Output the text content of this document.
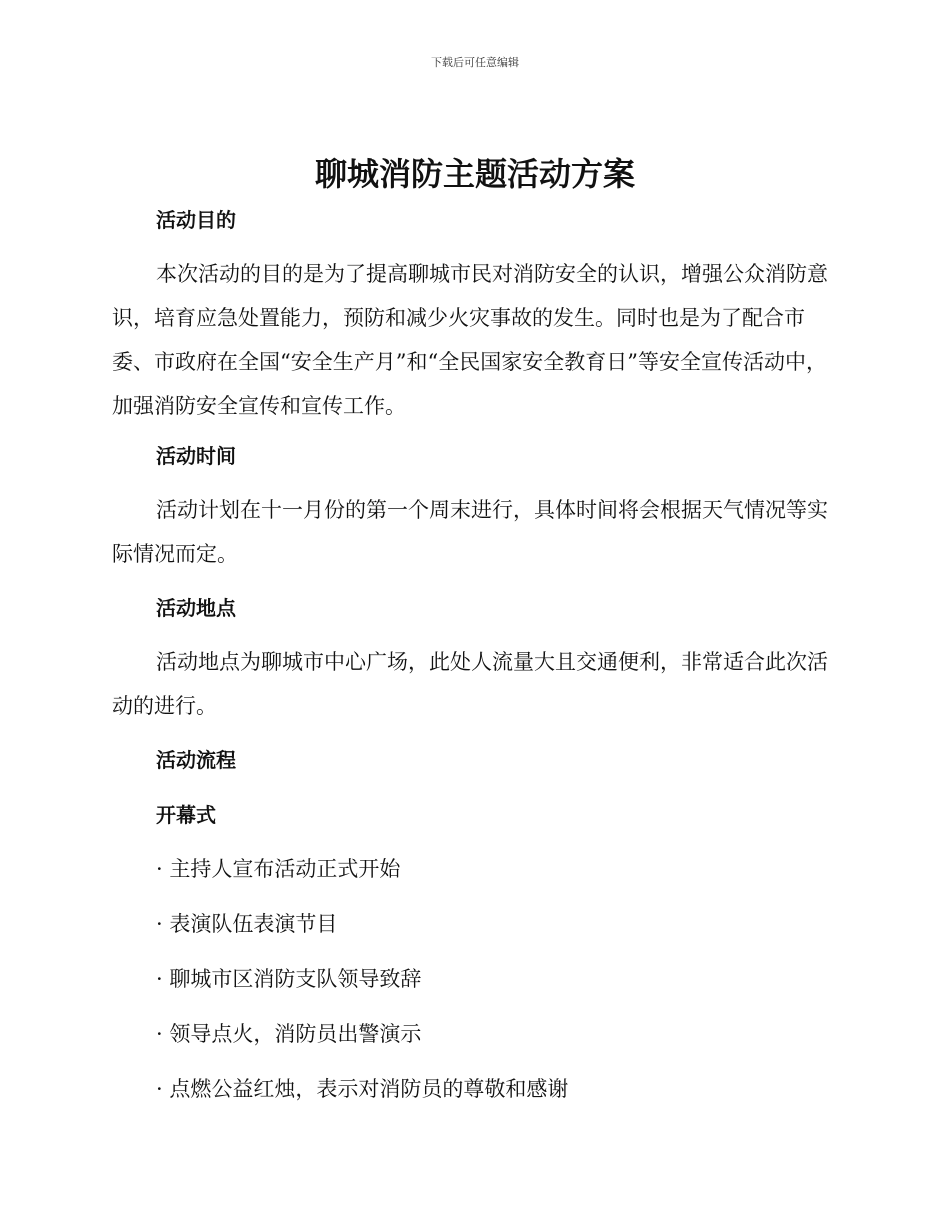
下载后可任意编辑
聊城消防主题活动方案
活动目的

本次活动的目的是为了提高聊城市民对消防安全的认识，增强公众消防意识，培育应急处置能力，预防和减少火灾事故的发生。同时也是为了配合市委、市政府在全国“安全生产月”和“全民国家安全教育日”等安全宣传活动中，加强消防安全宣传和宣传工作。

活动时间

活动计划在十一月份的第一个周末进行，具体时间将会根据天气情况等实际情况而定。

活动地点

活动地点为聊城市中心广场，此处人流量大且交通便利，非常适合此次活动的进行。

活动流程
开幕式

· 主持人宣布活动正式开始

· 表演队伍表演节目

· 聊城市区消防支队领导致辞

· 领导点火，消防员出警演示

· 点燃公益红烛，表示对消防员的尊敬和感谢
